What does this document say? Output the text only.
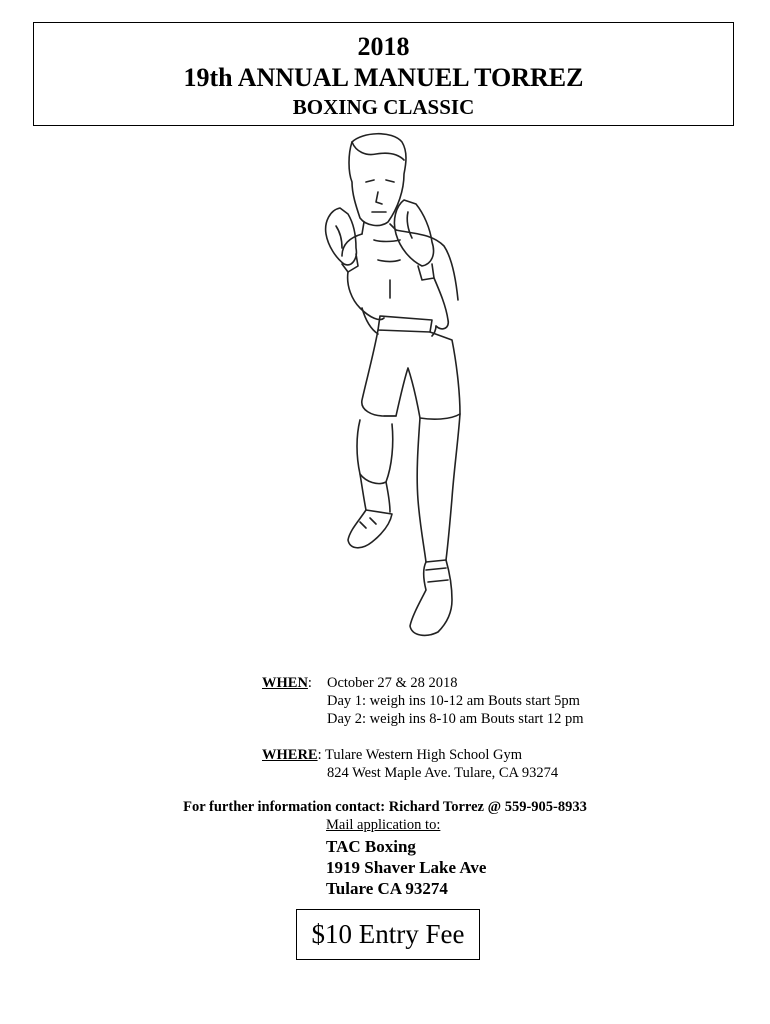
2018
19th ANNUAL MANUEL TORREZ
BOXING CLASSIC
WHEN: October 27 & 28 2018
Day 1: weigh ins 10-12 am Bouts start 5pm
Day 2: weigh ins 8-10 am Bouts start 12 pm
WHERE: Tulare Western High School Gym
824 West Maple Ave. Tulare, CA 93274
For further information contact: Richard Torrez @ 559-905-8933
Mail application to:
TAC Boxing
1919 Shaver Lake Ave
Tulare CA 93274
$10 Entry Fee
